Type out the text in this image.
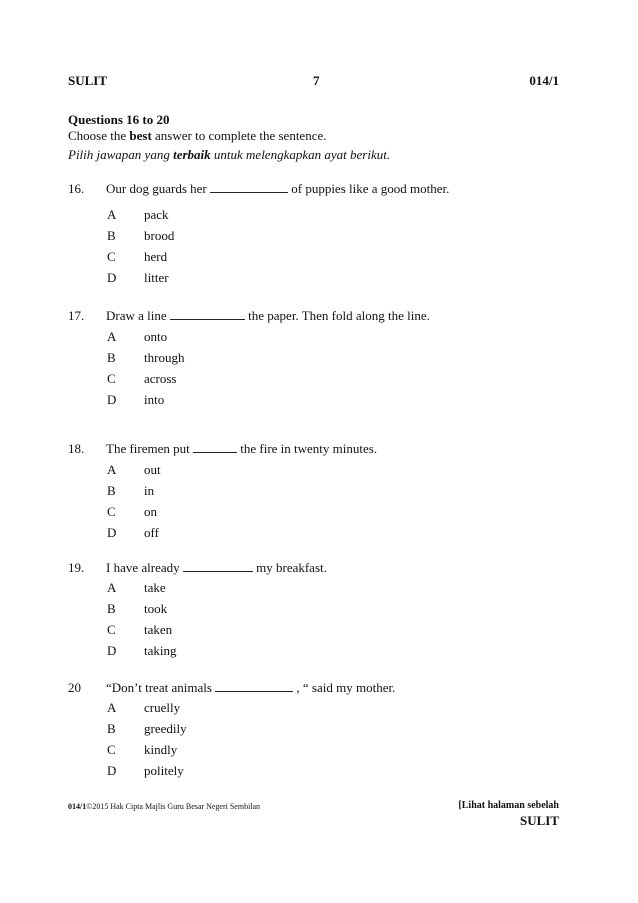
SULIT	7	014/1
Questions 16 to 20
Choose the best answer to complete the sentence.
Pilih jawapan yang terbaik untuk melengkapkan ayat berikut.
16. Our dog guards her	of puppies like a good mother.
A pack
B brood
C herd
D litter
17. Draw a line	the paper. Then fold along the line.
A onto
B through
C across
D into
18. The firemen put	the fire in twenty minutes.
A out
B in
C on
D off
19. I have already	my breakfast.
A take
B took
C taken
D taking
20 “Don’t treat animals	, “ said my mother.
A cruelly
B greedily
C kindly
D politely
014/1©2015 Hak Cipta Majlis Guru Besar Negeri Sembilan	[Lihat halaman sebelah
SULIT
